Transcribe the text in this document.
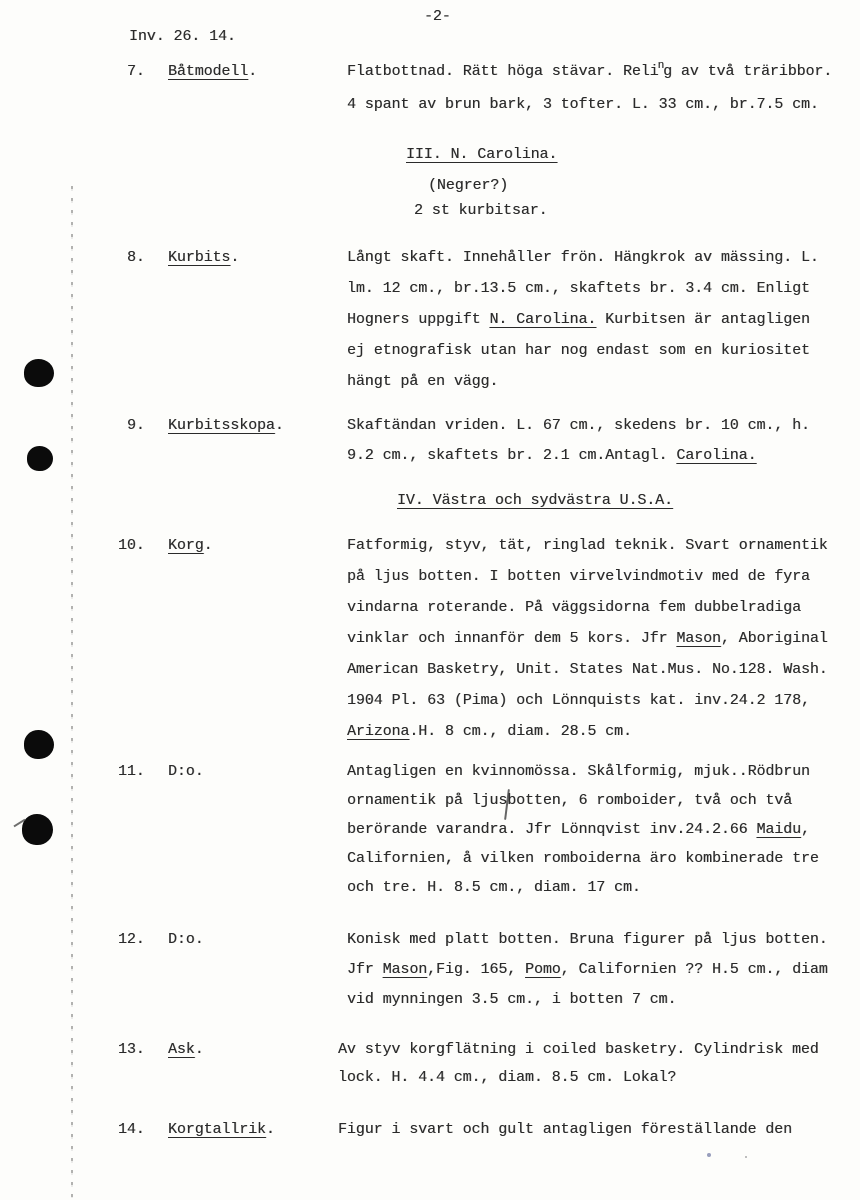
-2-
Inv. 26. 14.
7. Båtmodell.	Flatbottnad. Rätt höga stävar. Reling av två träribbor.
4 spant av brun bark, 3 tofter. L. 33 cm., br.7.5 cm.
III. N. Carolina.
(Negrer?)
2 st kurbitsar.
8. Kurbits.	Långt skaft. Innehåller frön. Hängkrok av mässing. L.
lm. 12 cm., br.13.5 cm., skaftets br. 3.4 cm. Enligt
Hogners uppgift N. Carolina. Kurbitsen är antagligen
ej etnografisk utan har nog endast som en kuriositet
hängt på en vägg.
9. Kurbitsskopa.	Skaftändan vriden. L. 67 cm., skedens br. 10 cm., h.
9.2 cm., skaftets br. 2.1 cm.Antagl. Carolina.
IV. Västra och sydvästra U.S.A.
10. Korg.	Fatformig, styv, tät, ringlad teknik. Svart ornamentik
på ljus botten. I botten virvelvindmotiv med de fyra
vindarna roterande. På väggsidorna fem dubbelradiga
vinklar och innanför dem 5 kors. Jfr Mason, Aboriginal
American Basketry, Unit. States Nat.Mus. No.128. Wash.
1904 Pl. 63 (Pima) och Lönnquists kat. inv.24.2 178,
Arizona.H. 8 cm., diam. 28.5 cm.
11. D:o.	Antagligen en kvinnomössa. Skålformig, mjuk..Rödbrun
ornamentik på ljusbotten, 6 romboider, två och två
berörande varandra. Jfr Lönnqvist inv.24.2.66 Maidu,
Californien, å vilken romboiderna äro kombinerade tre
och tre. H. 8.5 cm., diam. 17 cm.
12. D:o.	Konisk med platt botten. Bruna figurer på ljus botten.
Jfr Mason,Fig. 165, Pomo, Californien ?? H.5 cm., diam
vid mynningen 3.5 cm., i botten 7 cm.
13. Ask.	Av styv korgflätning i coiled basketry. Cylindrisk med
lock. H. 4.4 cm., diam. 8.5 cm. Lokal?
14. Korgtallrik.	Figur i svart och gult antagligen föreställande den
